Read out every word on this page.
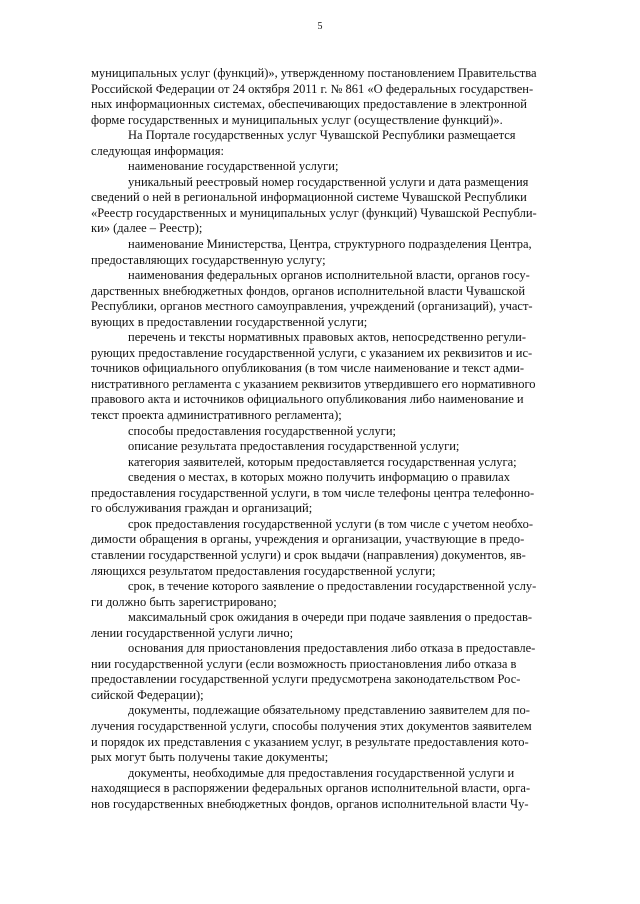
5

муниципальных услуг (функций)», утвержденному постановлением Правительства
Российской Федерации от 24 октября 2011 г. № 861 «О федеральных государствен-
ных информационных системах, обеспечивающих предоставление в электронной
форме государственных и муниципальных услуг (осуществление функций)».

На Портале государственных услуг Чувашской Республики размещается
следующая информация:

наименование государственной услуги;

уникальный реестровый номер государственной услуги и дата размещения
сведений о ней в региональной информационной системе Чувашской Республики
«Реестр государственных и муниципальных услуг (функций) Чувашской Республи-
ки» (далее – Реестр);

наименование Министерства, Центра, структурного подразделения Центра,
предоставляющих государственную услугу;

наименования федеральных органов исполнительной власти, органов госу-
дарственных внебюджетных фондов, органов исполнительной власти Чувашской
Республики, органов местного самоуправления, учреждений (организаций), участ-
вующих в предоставлении государственной услуги;

перечень и тексты нормативных правовых актов, непосредственно регули-
рующих предоставление государственной услуги, с указанием их реквизитов и ис-
точников официального опубликования (в том числе наименование и текст адми-
нистративного регламента с указанием реквизитов утвердившего его нормативного
правового акта и источников официального опубликования либо наименование и
текст проекта административного регламента);

способы предоставления государственной услуги;

описание результата предоставления государственной услуги;

категория заявителей, которым предоставляется государственная услуга;

сведения о местах, в которых можно получить информацию о правилах
предоставления государственной услуги, в том числе телефоны центра телефонно-
го обслуживания граждан и организаций;

срок предоставления государственной услуги (в том числе с учетом необхо-
димости обращения в органы, учреждения и организации, участвующие в предо-
ставлении государственной услуги) и срок выдачи (направления) документов, яв-
ляющихся результатом предоставления государственной услуги;

срок, в течение которого заявление о предоставлении государственной услу-
ги должно быть зарегистрировано;

максимальный срок ожидания в очереди при подаче заявления о предостав-
лении государственной услуги лично;

основания для приостановления предоставления либо отказа в предоставле-
нии государственной услуги (если возможность приостановления либо отказа в
предоставлении государственной услуги предусмотрена законодательством Рос-
сийской Федерации);

документы, подлежащие обязательному представлению заявителем для по-
лучения государственной услуги, способы получения этих документов заявителем
и порядок их представления с указанием услуг, в результате предоставления кото-
рых могут быть получены такие документы;

документы, необходимые для предоставления государственной услуги и
находящиеся в распоряжении федеральных органов исполнительной власти, орга-
нов государственных внебюджетных фондов, органов исполнительной власти Чу-
